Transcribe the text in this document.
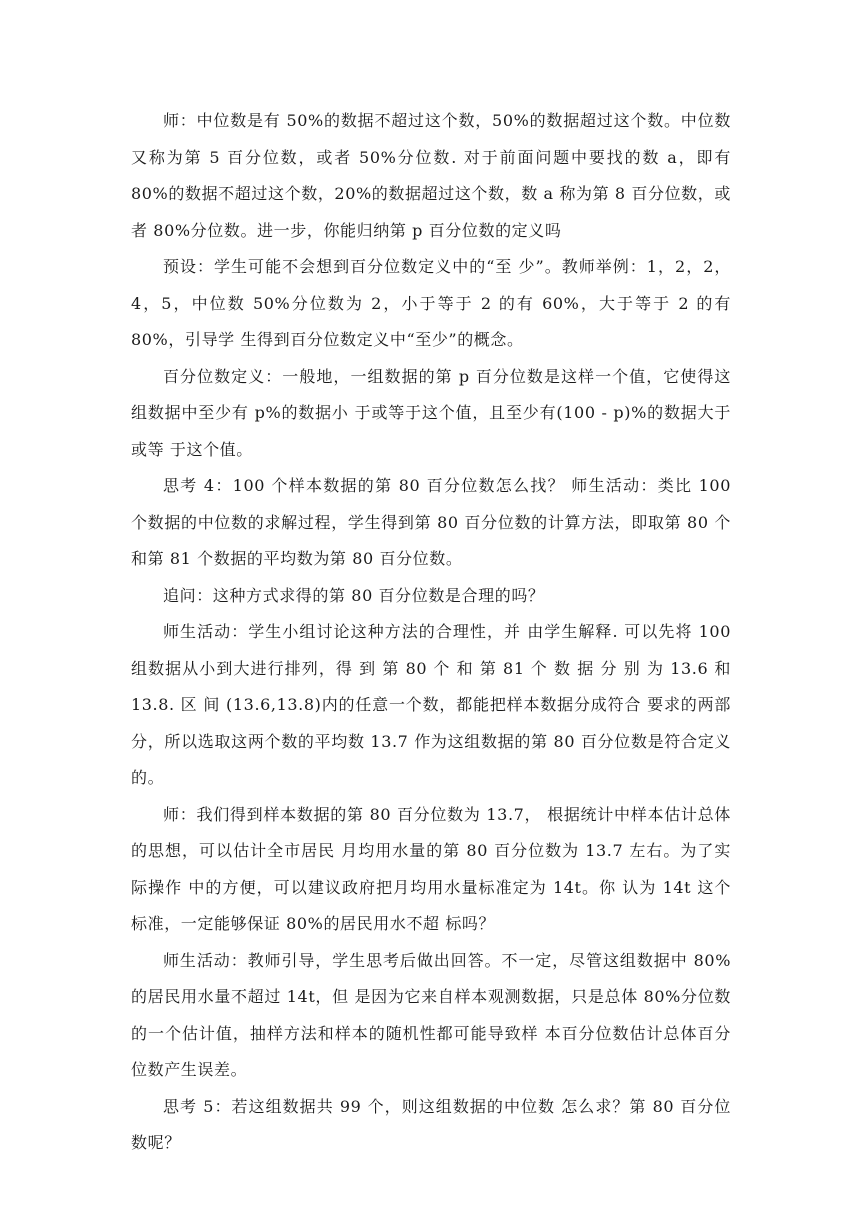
师：中位数是有 50%的数据不超过这个数，50%的数据超过这个数。中位数又称为第 5 百分位数，或者 50%分位数. 对于前面问题中要找的数 a，即有 80%的数据不超过这个数，20%的数据超过这个数，数 a 称为第 8 百分位数，或者 80%分位数。进一步，你能归纳第 p 百分位数的定义吗

预设：学生可能不会想到百分位数定义中的“至 少”。教师举例：1，2，2，4，5，中位数 50%分位数为 2，小于等于 2 的有 60%，大于等于 2 的有 80%，引导学 生得到百分位数定义中“至少”的概念。

百分位数定义：一般地，一组数据的第 p 百分位数是这样一个值，它使得这组数据中至少有 p%的数据小 于或等于这个值，且至少有(100 - p)%的数据大于或等 于这个值。

思考 4：100 个样本数据的第 80 百分位数怎么找？ 师生活动：类比 100 个数据的中位数的求解过程，学生得到第 80 百分位数的计算方法，即取第 80 个和第 81 个数据的平均数为第 80 百分位数。

追问：这种方式求得的第 80 百分位数是合理的吗？

师生活动：学生小组讨论这种方法的合理性，并 由学生解释. 可以先将 100 组数据从小到大进行排列，得 到 第 80 个 和 第 81 个 数 据 分 别 为 13.6 和 13.8. 区 间 (13.6,13.8)内的任意一个数，都能把样本数据分成符合 要求的两部分，所以选取这两个数的平均数 13.7 作为这组数据的第 80 百分位数是符合定义的。

师：我们得到样本数据的第 80 百分位数为 13.7， 根据统计中样本估计总体的思想，可以估计全市居民 月均用水量的第 80 百分位数为 13.7 左右。为了实际操作 中的方便，可以建议政府把月均用水量标准定为 14t。你 认为 14t 这个标准，一定能够保证 80%的居民用水不超 标吗？

师生活动：教师引导，学生思考后做出回答。不一定，尽管这组数据中 80%的居民用水量不超过 14t，但 是因为它来自样本观测数据，只是总体 80%分位数的一个估计值，抽样方法和样本的随机性都可能导致样 本百分位数估计总体百分位数产生误差。

思考 5：若这组数据共 99 个，则这组数据的中位数 怎么求？第 80 百分位数呢？
